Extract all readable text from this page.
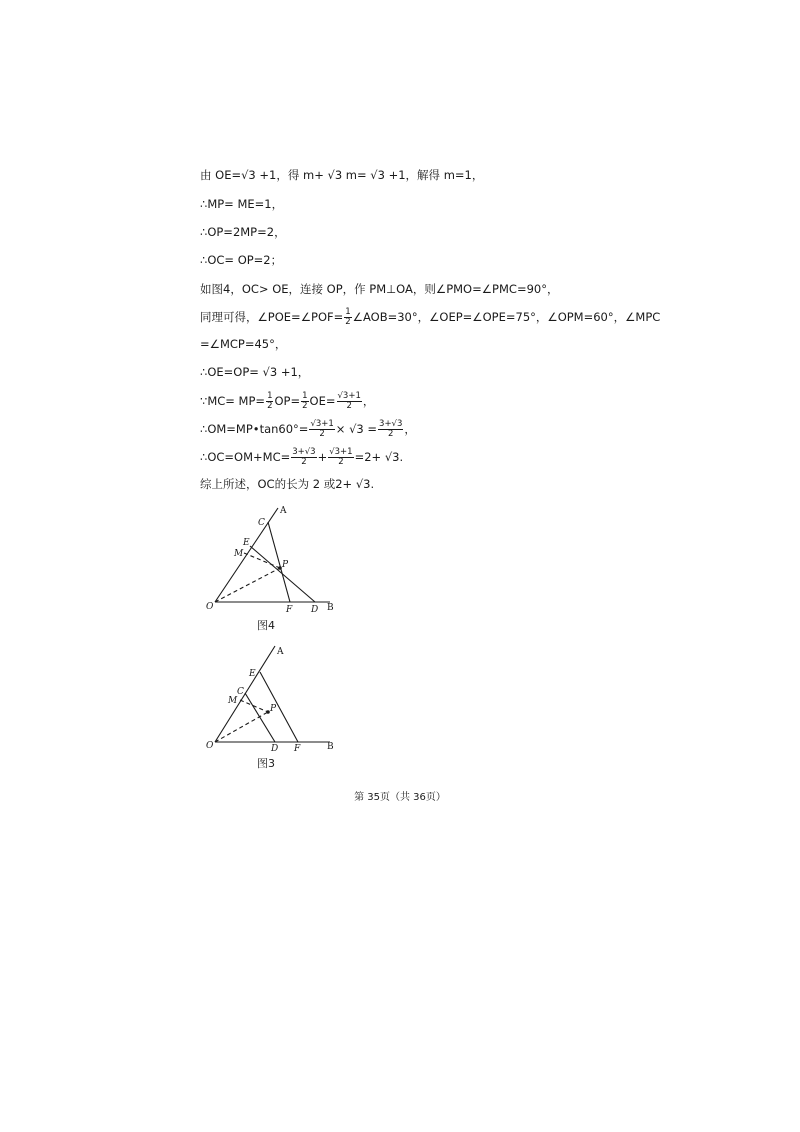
由 OE=√3 +1，得 m+ √3 m= √3 +1，解得 m=1，
∴MP= ME=1，
∴OP=2MP=2，
∴OC= OP=2；
如图4，OC> OE，连接 OP，作 PM⊥OA，则∠PMO=∠PMC=90°，
同理可得，∠POE=∠POF= $\frac{1}{2}$ ∠AOB=30°，∠OEP=∠OPE=75°，∠OPM=60°，∠MPC
=∠MCP=45°，
∴OE=OP= √3 +1，
∵MC= $MP= \frac{1}{2} OP= \frac{1}{2} OE= \frac{√3+1}{2}$ ，
∴OM=MP•tan60°= $\frac{√3+1}{2} \times √3 = \frac{3+√3}{2}$ ，
∴OC=OM+MC= $\frac{3+√3}{2} + \frac{√3+1}{2} =2+ √3$.
综上所述，OC的长为 2 或2+ √3.
A
C
E
M
P
O	F D B
图4
A
E
C
M
P
O	D F	B
图3
第 35页（共 36页）
